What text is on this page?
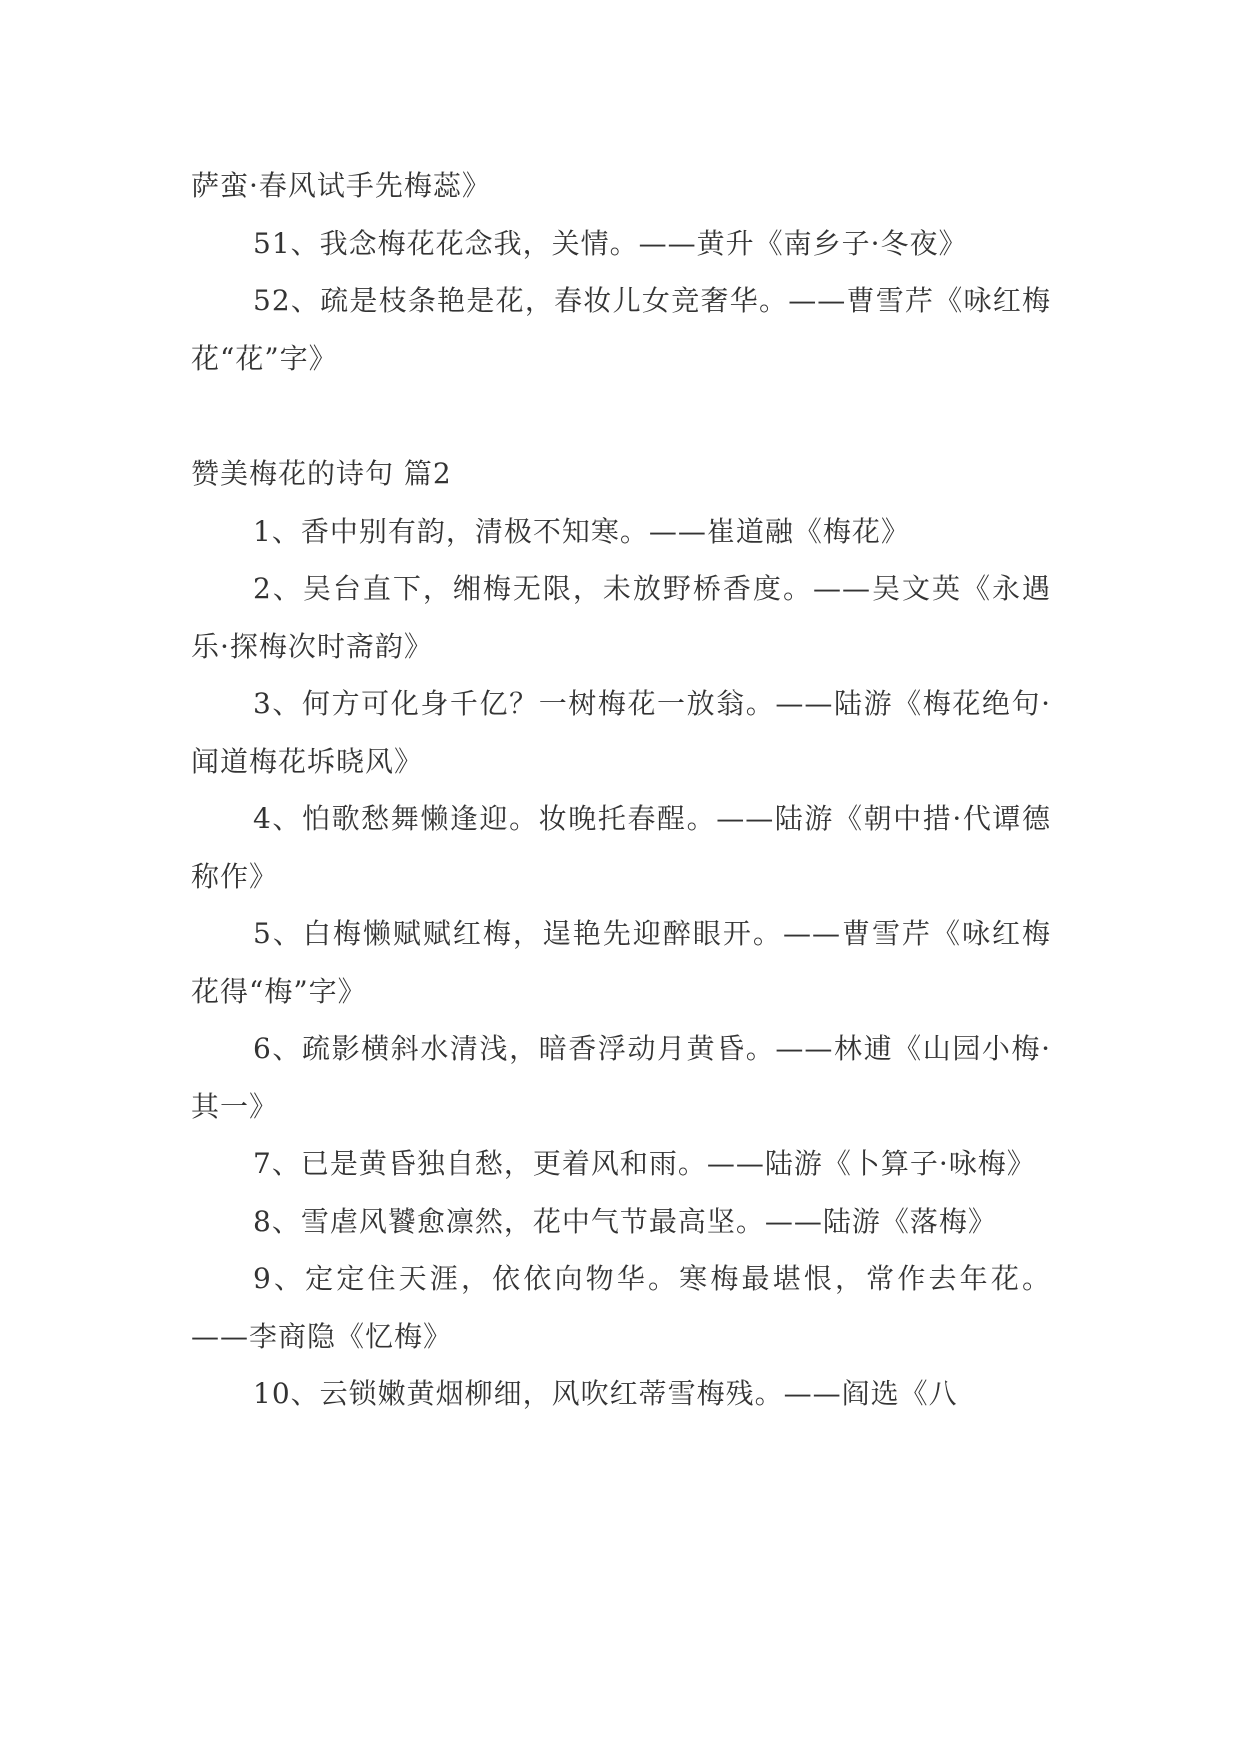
萨蛮·春风试手先梅蕊》

51、我念梅花花念我，关情。——黄升《南乡子·冬夜》

52、疏是枝条艳是花，春妆儿女竞奢华。——曹雪芹《咏红梅花“花”字》

赞美梅花的诗句 篇2

1、香中别有韵，清极不知寒。——崔道融《梅花》

2、吴台直下，缃梅无限，未放野桥香度。——吴文英《永遇乐·探梅次时斋韵》

3、何方可化身千亿？一树梅花一放翁。——陆游《梅花绝句·闻道梅花坼晓风》

4、怕歌愁舞懒逢迎。妆晚托春酲。——陆游《朝中措·代谭德称作》

5、白梅懒赋赋红梅，逞艳先迎醉眼开。——曹雪芹《咏红梅花得“梅”字》

6、疏影横斜水清浅，暗香浮动月黄昏。——林逋《山园小梅·其一》

7、已是黄昏独自愁，更着风和雨。——陆游《卜算子·咏梅》

8、雪虐风饕愈凛然，花中气节最高坚。——陆游《落梅》

9、定定住天涯，依依向物华。寒梅最堪恨，常作去年花。——李商隐《忆梅》

10、云锁嫩黄烟柳细，风吹红蒂雪梅残。——阎选《八
